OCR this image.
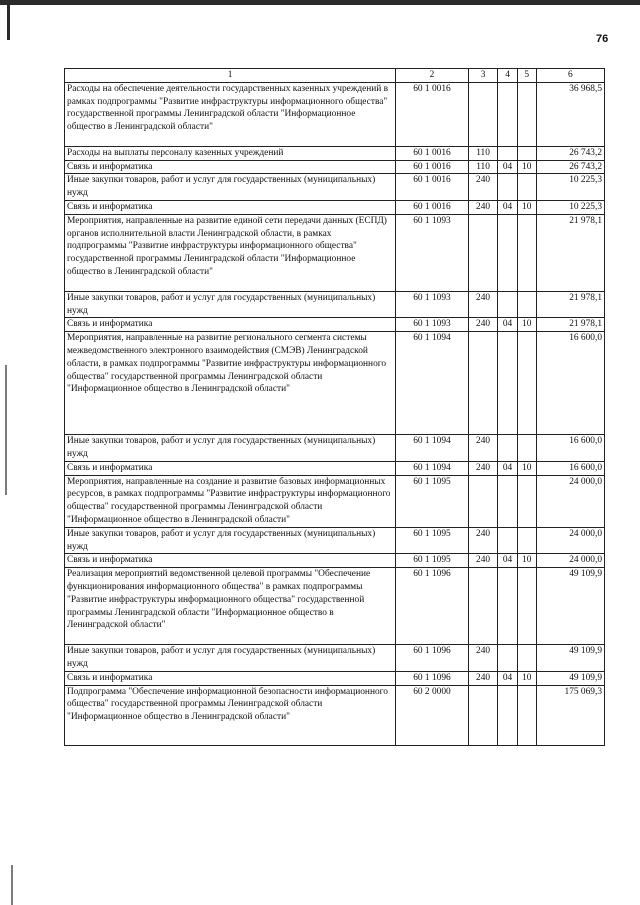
76
1	2	3	4	5	6
Расходы на обеспечение деятельности государственных казенных учреждений в рамках подпрограммы "Развитие инфраструктуры информационного общества" государственной программы Ленинградской области "Информационное общество в Ленинградской области"	60 1 0016				36 968,5
Расходы на выплаты персоналу казенных учреждений	60 1 0016	110			26 743,2
Связь и информатика	60 1 0016	110	04	10	26 743,2
Иные закупки товаров, работ и услуг для государственных (муниципальных) нужд	60 1 0016	240			10 225,3
Связь и информатика	60 1 0016	240	04	10	10 225,3
Мероприятия, направленные на развитие единой сети передачи данных (ЕСПД) органов исполнительной власти Ленинградской области, в рамках подпрограммы "Развитие инфраструктуры информационного общества" государственной программы Ленинградской области "Информационное общество в Ленинградской области"	60 1 1093				21 978,1
Иные закупки товаров, работ и услуг для государственных (муниципальных) нужд	60 1 1093	240			21 978,1
Связь и информатика	60 1 1093	240	04	10	21 978,1
Мероприятия, направленные на развитие регионального сегмента системы межведомственного электронного взаимодействия (СМЭВ) Ленинградской области, в рамках подпрограммы "Развитие инфраструктуры информационного общества" государственной программы Ленинградской области "Информационное общество в Ленинградской области"	60 1 1094				16 600,0
Иные закупки товаров, работ и услуг для государственных (муниципальных) нужд	60 1 1094	240			16 600,0
Связь и информатика	60 1 1094	240	04	10	16 600,0
Мероприятия, направленные на создание и развитие базовых информационных ресурсов, в рамках подпрограммы "Развитие инфраструктуры информационного общества" государственной программы Ленинградской области "Информационное общество в Ленинградской области"	60 1 1095				24 000,0
Иные закупки товаров, работ и услуг для государственных (муниципальных) нужд	60 1 1095	240			24 000,0
Связь и информатика	60 1 1095	240	04	10	24 000,0
Реализация мероприятий ведомственной целевой программы "Обеспечение функционирования информационного общества" в рамках подпрограммы "Развитие инфраструктуры информационного общества" государственной программы Ленинградской области "Информационное общество в Ленинградской области"	60 1 1096				49 109,9
Иные закупки товаров, работ и услуг для государственных (муниципальных) нужд	60 1 1096	240			49 109,9
Связь и информатика	60 1 1096	240	04	10	49 109,9
Подпрограмма "Обеспечение информационной безопасности информационного общества" государственной программы Ленинградской области "Информационное общество в Ленинградской области"	60 2 0000				175 069,3
